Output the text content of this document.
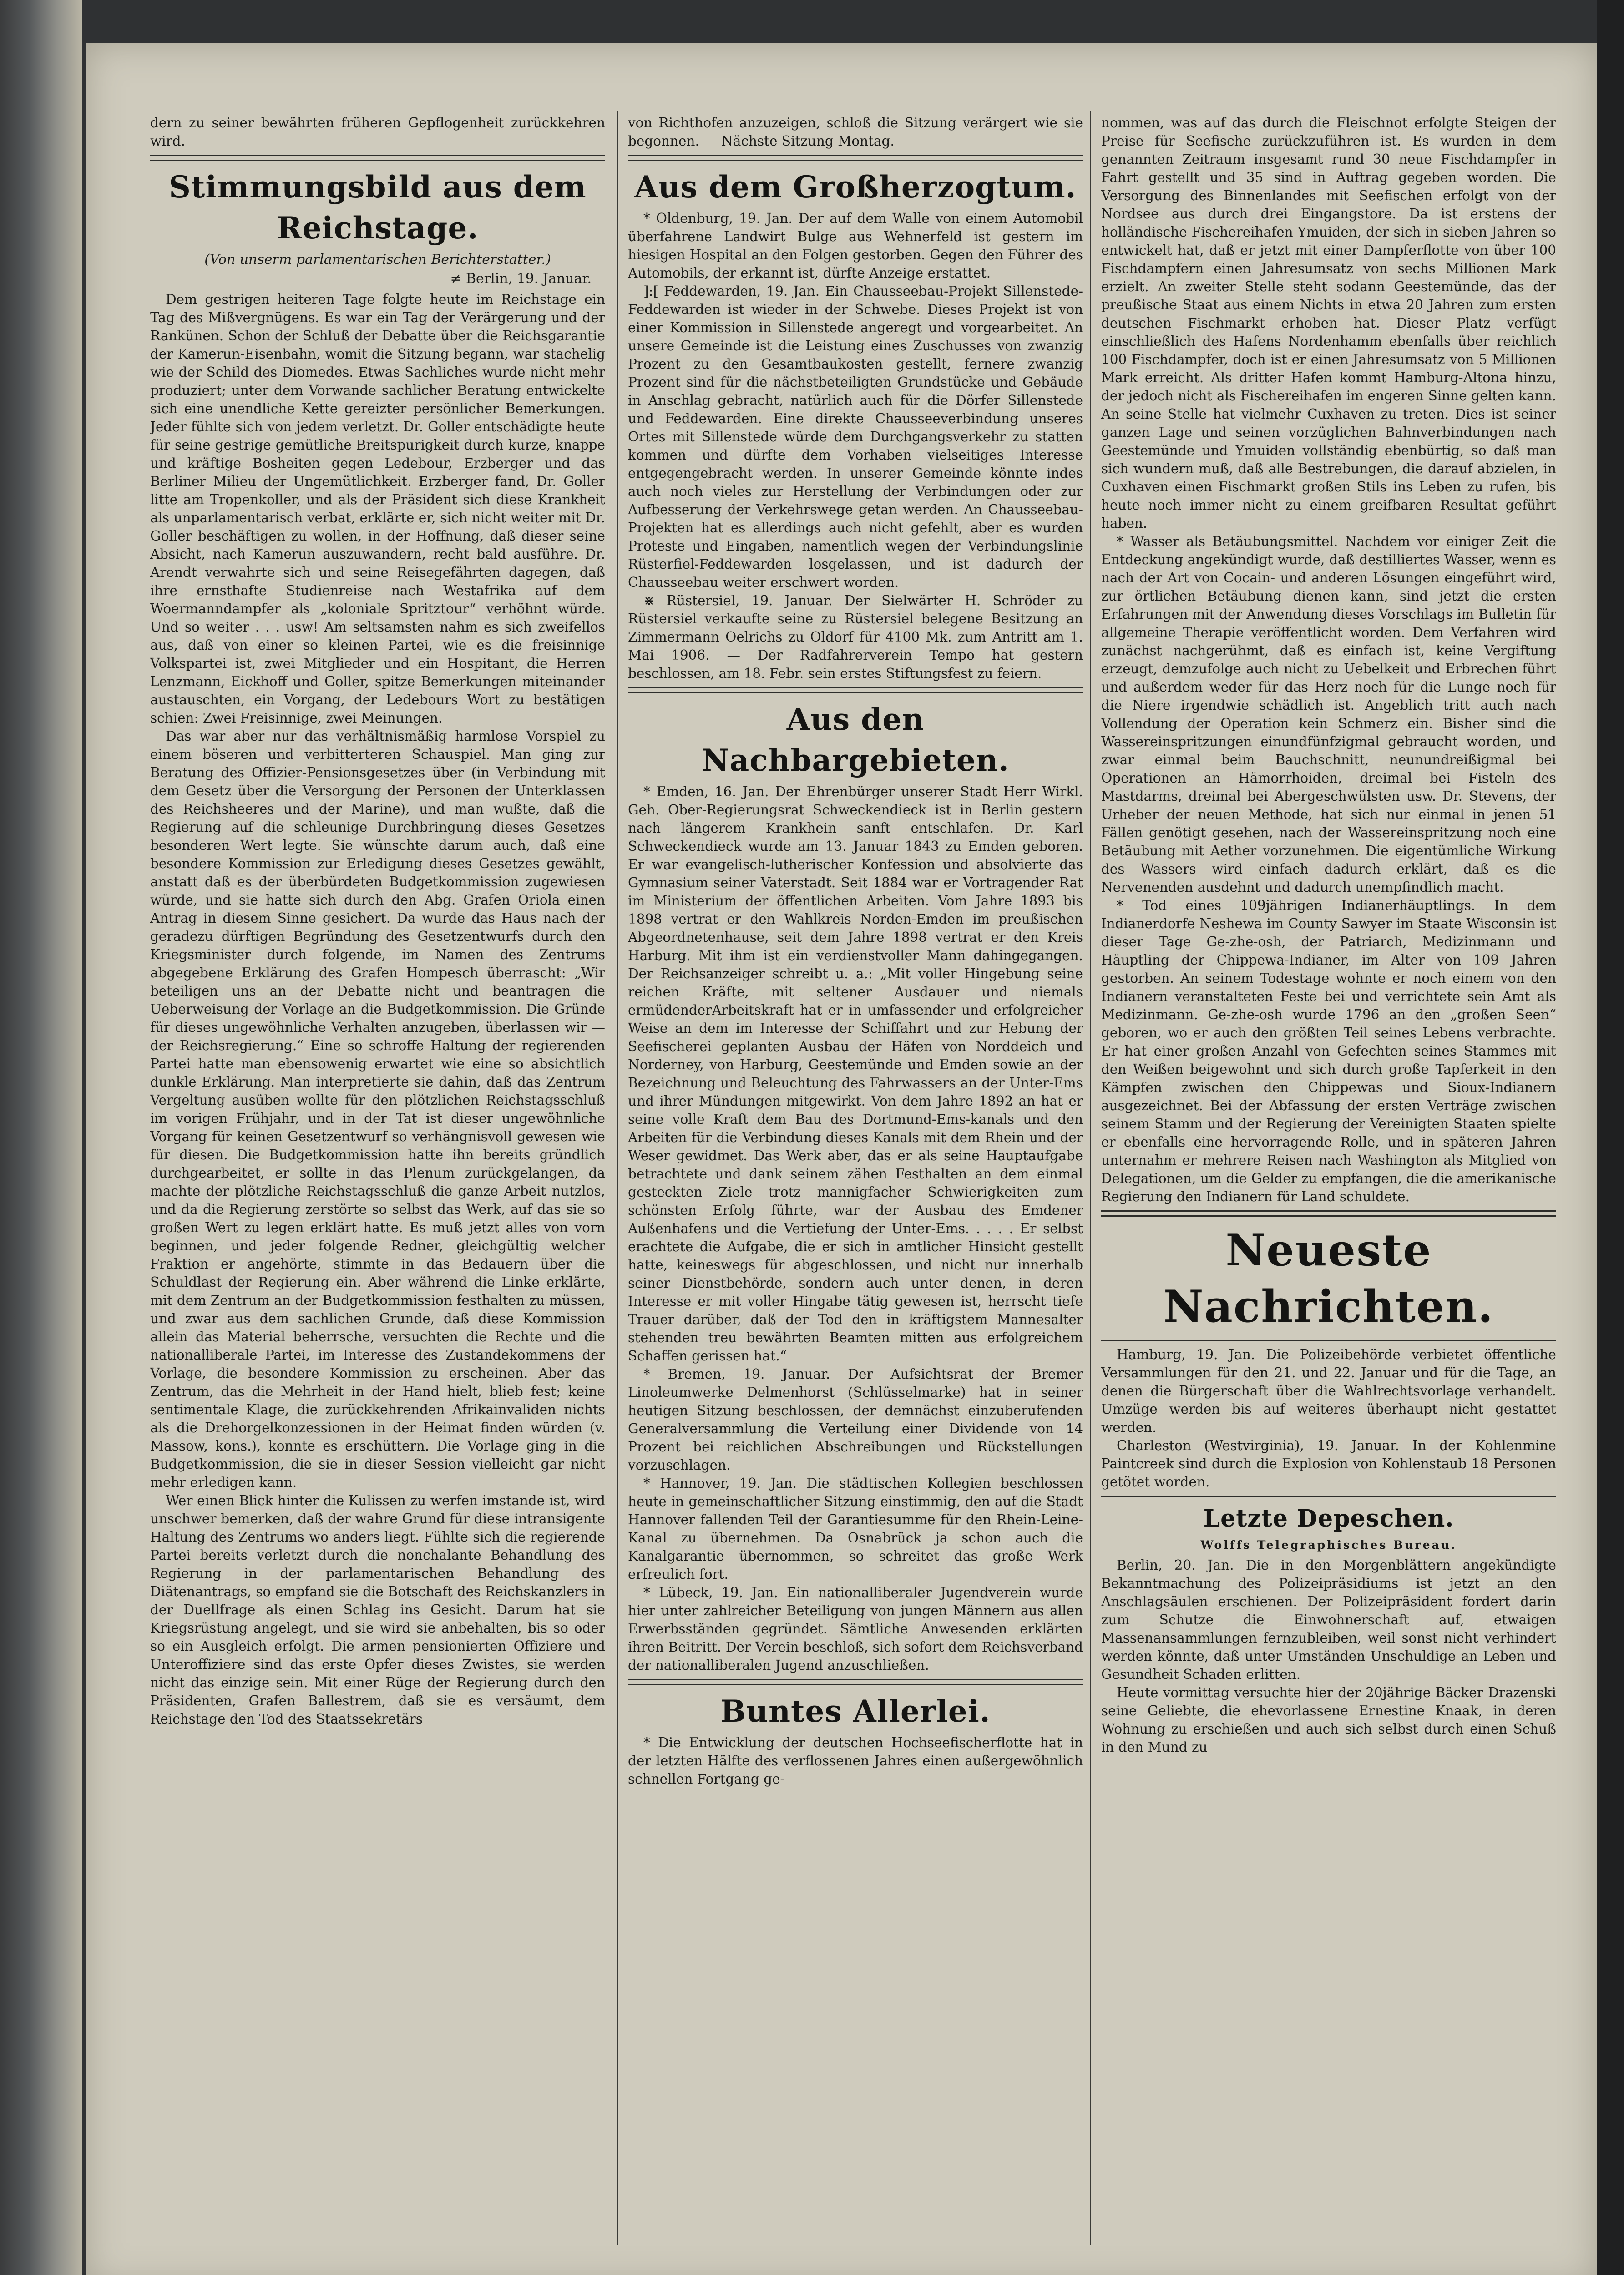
dern zu seiner bewährten früheren Gepflogenheit zurückkehren wird.

Stimmungsbild aus dem Reichstage.
(Von unserm parlamentarischen Berichterstatter.)
≠ Berlin, 19. Januar.

Dem gestrigen heiteren Tage folgte heute im Reichstage ein Tag des Mißvergnügens. Es war ein Tag der Verärgerung und der Rankünen. Schon der Schluß der Debatte über die Reichsgarantie der Kamerun-Eisenbahn, womit die Sitzung begann, war stachelig wie der Schild des Diomedes. Etwas Sachliches wurde nicht mehr produziert; unter dem Vorwande sachlicher Beratung entwickelte sich eine unendliche Kette gereizter persönlicher Bemerkungen. Jeder fühlte sich von jedem verletzt. Dr. Goller entschädigte heute für seine gestrige gemütliche Breitspurigkeit durch kurze, knappe und kräftige Bosheiten gegen Ledebour, Erzberger und das Berliner Milieu der Ungemütlichkeit. Erzberger fand, Dr. Goller litte am Tropenkoller, und als der Präsident sich diese Krankheit als unparlamentarisch verbat, erklärte er, sich nicht weiter mit Dr. Goller beschäftigen zu wollen, in der Hoffnung, daß dieser seine Absicht, nach Kamerun auszuwandern, recht bald ausführe. Dr. Arendt verwahrte sich und seine Reisegefährten dagegen, daß ihre ernsthafte Studienreise nach Westafrika auf dem Woermanndampfer als „koloniale Spritztour“ verhöhnt würde. Und so weiter . . . usw! Am seltsamsten nahm es sich zweifellos aus, daß von einer so kleinen Partei, wie es die freisinnige Volkspartei ist, zwei Mitglieder und ein Hospitant, die Herren Lenzmann, Eickhoff und Goller, spitze Bemerkungen miteinander austauschten, ein Vorgang, der Ledebours Wort zu bestätigen schien: Zwei Freisinnige, zwei Meinungen.

Das war aber nur das verhältnismäßig harmlose Vorspiel zu einem böseren und verbitterteren Schauspiel. Man ging zur Beratung des Offizier-Pensionsgesetzes über (in Verbindung mit dem Gesetz über die Versorgung der Personen der Unterklassen des Reichsheeres und der Marine), und man wußte, daß die Regierung auf die schleunige Durchbringung dieses Gesetzes besonderen Wert legte. Sie wünschte darum auch, daß eine besondere Kommission zur Erledigung dieses Gesetzes gewählt, anstatt daß es der überbürdeten Budgetkommission zugewiesen würde, und sie hatte sich durch den Abg. Grafen Oriola einen Antrag in diesem Sinne gesichert. Da wurde das Haus nach der geradezu dürftigen Begründung des Gesetzentwurfs durch den Kriegsminister durch folgende, im Namen des Zentrums abgegebene Erklärung des Grafen Hompesch überrascht: „Wir beteiligen uns an der Debatte nicht und beantragen die Ueberweisung der Vorlage an die Budgetkommission. Die Gründe für dieses ungewöhnliche Verhalten anzugeben, überlassen wir — der Reichsregierung.“ Eine so schroffe Haltung der regierenden Partei hatte man ebensowenig erwartet wie eine so absichtlich dunkle Erklärung. Man interpretierte sie dahin, daß das Zentrum Vergeltung ausüben wollte für den plötzlichen Reichstagsschluß im vorigen Frühjahr, und in der Tat ist dieser ungewöhnliche Vorgang für keinen Gesetzentwurf so verhängnisvoll gewesen wie für diesen. Die Budgetkommission hatte ihn bereits gründlich durchgearbeitet, er sollte in das Plenum zurückgelangen, da machte der plötzliche Reichstagsschluß die ganze Arbeit nutzlos, und da die Regierung zerstörte so selbst das Werk, auf das sie so großen Wert zu legen erklärt hatte. Es muß jetzt alles von vorn beginnen, und jeder folgende Redner, gleichgültig welcher Fraktion er angehörte, stimmte in das Bedauern über die Schuldlast der Regierung ein. Aber während die Linke erklärte, mit dem Zentrum an der Budgetkommission festhalten zu müssen, und zwar aus dem sachlichen Grunde, daß diese Kommission allein das Material beherrsche, versuchten die Rechte und die nationalliberale Partei, im Interesse des Zustandekommens der Vorlage, die besondere Kommission zu erscheinen. Aber das Zentrum, das die Mehrheit in der Hand hielt, blieb fest; keine sentimentale Klage, die zurückkehrenden Afrikainvaliden nichts als die Drehorgelkonzessionen in der Heimat finden würden (v. Massow, kons.), konnte es erschüttern. Die Vorlage ging in die Budgetkommission, die sie in dieser Session vielleicht gar nicht mehr erledigen kann.

Wer einen Blick hinter die Kulissen zu werfen imstande ist, wird unschwer bemerken, daß der wahre Grund für diese intransigente Haltung des Zentrums wo anders liegt. Fühlte sich die regierende Partei bereits verletzt durch die nonchalante Behandlung des Regierung in der parlamentarischen Behandlung des Diätenantrags, so empfand sie die Botschaft des Reichskanzlers in der Duellfrage als einen Schlag ins Gesicht. Darum hat sie Kriegsrüstung angelegt, und sie wird sie anbehalten, bis so oder so ein Ausgleich erfolgt. Die armen pensionierten Offiziere und Unteroffiziere sind das erste Opfer dieses Zwistes, sie werden nicht das einzige sein. Mit einer Rüge der Regierung durch den Präsidenten, Grafen Ballestrem, daß sie es versäumt, dem Reichstage den Tod des Staatssekretärs

von Richthofen anzuzeigen, schloß die Sitzung verärgert wie sie begonnen. — Nächste Sitzung Montag.

Aus dem Großherzogtum.

* Oldenburg, 19. Jan. Der auf dem Walle von einem Automobil überfahrene Landwirt Bulge aus Wehnerfeld ist gestern im hiesigen Hospital an den Folgen gestorben. Gegen den Führer des Automobils, der erkannt ist, dürfte Anzeige erstattet.

]:[ Feddewarden, 19. Jan. Ein Chausseebau-Projekt Sillenstede-Feddewarden ist wieder in der Schwebe. Dieses Projekt ist von einer Kommission in Sillenstede angeregt und vorgearbeitet. An unsere Gemeinde ist die Leistung eines Zuschusses von zwanzig Prozent zu den Gesamtbaukosten gestellt, fernere zwanzig Prozent sind für die nächstbeteiligten Grundstücke und Gebäude in Anschlag gebracht, natürlich auch für die Dörfer Sillenstede und Feddewarden. Eine direkte Chausseeverbindung unseres Ortes mit Sillenstede würde dem Durchgangsverkehr zu statten kommen und dürfte dem Vorhaben vielseitiges Interesse entgegengebracht werden. In unserer Gemeinde könnte indes auch noch vieles zur Herstellung der Verbindungen oder zur Aufbesserung der Verkehrswege getan werden. An Chausseebau-Projekten hat es allerdings auch nicht gefehlt, aber es wurden Proteste und Eingaben, namentlich wegen der Verbindungslinie Rüsterfiel-Feddewarden losgelassen, und ist dadurch der Chausseebau weiter erschwert worden.

⋇ Rüstersiel, 19. Januar. Der Sielwärter H. Schröder zu Rüstersiel verkaufte seine zu Rüstersiel belegene Besitzung an Zimmermann Oelrichs zu Oldorf für 4100 Mk. zum Antritt am 1. Mai 1906. — Der Radfahrerverein Tempo hat gestern beschlossen, am 18. Febr. sein erstes Stiftungsfest zu feiern.

Aus den Nachbargebieten.

* Emden, 16. Jan. Der Ehrenbürger unserer Stadt Herr Wirkl. Geh. Ober-Regierungsrat Schweckendieck ist in Berlin gestern nach längerem Krankhein sanft entschlafen. Dr. Karl Schweckendieck wurde am 13. Januar 1843 zu Emden geboren. Er war evangelisch-lutherischer Konfession und absolvierte das Gymnasium seiner Vaterstadt. Seit 1884 war er Vortragender Rat im Ministerium der öffentlichen Arbeiten. Vom Jahre 1893 bis 1898 vertrat er den Wahlkreis Norden-Emden im preußischen Abgeordnetenhause, seit dem Jahre 1898 vertrat er den Kreis Harburg. Mit ihm ist ein verdienstvoller Mann dahingegangen. Der Reichsanzeiger schreibt u. a.: „Mit voller Hingebung seine reichen Kräfte, mit seltener Ausdauer und niemals ermüdenderArbeitskraft hat er in umfassender und erfolgreicher Weise an dem im Interesse der Schiffahrt und zur Hebung der Seefischerei geplanten Ausbau der Häfen von Norddeich und Norderney, von Harburg, Geestemünde und Emden sowie an der Bezeichnung und Beleuchtung des Fahrwassers an der Unter-Ems und ihrer Mündungen mitgewirkt. Von dem Jahre 1892 an hat er seine volle Kraft dem Bau des Dortmund-Ems-kanals und den Arbeiten für die Verbindung dieses Kanals mit dem Rhein und der Weser gewidmet. Das Werk aber, das er als seine Hauptaufgabe betrachtete und dank seinem zähen Festhalten an dem einmal gesteckten Ziele trotz mannigfacher Schwierigkeiten zum schönsten Erfolg führte, war der Ausbau des Emdener Außenhafens und die Vertiefung der Unter-Ems. . . . . Er selbst erachtete die Aufgabe, die er sich in amtlicher Hinsicht gestellt hatte, keineswegs für abgeschlossen, und nicht nur innerhalb seiner Dienstbehörde, sondern auch unter denen, in deren Interesse er mit voller Hingabe tätig gewesen ist, herrscht tiefe Trauer darüber, daß der Tod den in kräftigstem Mannesalter stehenden treu bewährten Beamten mitten aus erfolgreichem Schaffen gerissen hat.“

* Bremen, 19. Januar. Der Aufsichtsrat der Bremer Linoleumwerke Delmenhorst (Schlüsselmarke) hat in seiner heutigen Sitzung beschlossen, der demnächst einzuberufenden Generalversammlung die Verteilung einer Dividende von 14 Prozent bei reichlichen Abschreibungen und Rückstellungen vorzuschlagen.

* Hannover, 19. Jan. Die städtischen Kollegien beschlossen heute in gemeinschaftlicher Sitzung einstimmig, den auf die Stadt Hannover fallenden Teil der Garantiesumme für den Rhein-Leine-Kanal zu übernehmen. Da Osnabrück ja schon auch die Kanalgarantie übernommen, so schreitet das große Werk erfreulich fort.

* Lübeck, 19. Jan. Ein nationalliberaler Jugendverein wurde hier unter zahlreicher Beteiligung von jungen Männern aus allen Erwerbsständen gegründet. Sämtliche Anwesenden erklärten ihren Beitritt. Der Verein beschloß, sich sofort dem Reichsverband der nationalliberalen Jugend anzuschließen.

Buntes Allerlei.

* Die Entwicklung der deutschen Hochseefischerflotte hat in der letzten Hälfte des verflossenen Jahres einen außergewöhnlich schnellen Fortgang ge-

nommen, was auf das durch die Fleischnot erfolgte Steigen der Preise für Seefische zurückzuführen ist. Es wurden in dem genannten Zeitraum insgesamt rund 30 neue Fischdampfer in Fahrt gestellt und 35 sind in Auftrag gegeben worden. Die Versorgung des Binnenlandes mit Seefischen erfolgt von der Nordsee aus durch drei Eingangstore. Da ist erstens der holländische Fischereihafen Ymuiden, der sich in sieben Jahren so entwickelt hat, daß er jetzt mit einer Dampferflotte von über 100 Fischdampfern einen Jahresumsatz von sechs Millionen Mark erzielt. An zweiter Stelle steht sodann Geestemünde, das der preußische Staat aus einem Nichts in etwa 20 Jahren zum ersten deutschen Fischmarkt erhoben hat. Dieser Platz verfügt einschließlich des Hafens Nordenhamm ebenfalls über reichlich 100 Fischdampfer, doch ist er einen Jahresumsatz von 5 Millionen Mark erreicht. Als dritter Hafen kommt Hamburg-Altona hinzu, der jedoch nicht als Fischereihafen im engeren Sinne gelten kann. An seine Stelle hat vielmehr Cuxhaven zu treten. Dies ist seiner ganzen Lage und seinen vorzüglichen Bahnverbindungen nach Geestemünde und Ymuiden vollständig ebenbürtig, so daß man sich wundern muß, daß alle Bestrebungen, die darauf abzielen, in Cuxhaven einen Fischmarkt großen Stils ins Leben zu rufen, bis heute noch immer nicht zu einem greifbaren Resultat geführt haben.

* Wasser als Betäubungsmittel. Nachdem vor einiger Zeit die Entdeckung angekündigt wurde, daß destilliertes Wasser, wenn es nach der Art von Cocain- und anderen Lösungen eingeführt wird, zur örtlichen Betäubung dienen kann, sind jetzt die ersten Erfahrungen mit der Anwendung dieses Vorschlags im Bulletin für allgemeine Therapie veröffentlicht worden. Dem Verfahren wird zunächst nachgerühmt, daß es einfach ist, keine Vergiftung erzeugt, demzufolge auch nicht zu Uebelkeit und Erbrechen führt und außerdem weder für das Herz noch für die Lunge noch für die Niere irgendwie schädlich ist. Angeblich tritt auch nach Vollendung der Operation kein Schmerz ein. Bisher sind die Wassereinspritzungen einundfünfzigmal gebraucht worden, und zwar einmal beim Bauchschnitt, neunundreißigmal bei Operationen an Hämorrhoiden, dreimal bei Fisteln des Mastdarms, dreimal bei Abergeschwülsten usw. Dr. Stevens, der Urheber der neuen Methode, hat sich nur einmal in jenen 51 Fällen genötigt gesehen, nach der Wassereinspritzung noch eine Betäubung mit Aether vorzunehmen. Die eigentümliche Wirkung des Wassers wird einfach dadurch erklärt, daß es die Nervenenden ausdehnt und dadurch unempfindlich macht.

* Tod eines 109jährigen Indianerhäuptlings. In dem Indianerdorfe Neshewa im County Sawyer im Staate Wisconsin ist dieser Tage Ge-zhe-osh, der Patriarch, Medizinmann und Häuptling der Chippewa-Indianer, im Alter von 109 Jahren gestorben. An seinem Todestage wohnte er noch einem von den Indianern veranstalteten Feste bei und verrichtete sein Amt als Medizinmann. Ge-zhe-osh wurde 1796 an den „großen Seen“ geboren, wo er auch den größten Teil seines Lebens verbrachte. Er hat einer großen Anzahl von Gefechten seines Stammes mit den Weißen beigewohnt und sich durch große Tapferkeit in den Kämpfen zwischen den Chippewas und Sioux-Indianern ausgezeichnet. Bei der Abfassung der ersten Verträge zwischen seinem Stamm und der Regierung der Vereinigten Staaten spielte er ebenfalls eine hervorragende Rolle, und in späteren Jahren unternahm er mehrere Reisen nach Washington als Mitglied von Delegationen, um die Gelder zu empfangen, die die amerikanische Regierung den Indianern für Land schuldete.

Neueste Nachrichten.

Hamburg, 19. Jan. Die Polizeibehörde verbietet öffentliche Versammlungen für den 21. und 22. Januar und für die Tage, an denen die Bürgerschaft über die Wahlrechtsvorlage verhandelt. Umzüge werden bis auf weiteres überhaupt nicht gestattet werden.

Charleston (Westvirginia), 19. Januar. In der Kohlenmine Paintcreek sind durch die Explosion von Kohlenstaub 18 Personen getötet worden.

Letzte Depeschen.
Wolffs Telegraphisches Bureau.

Berlin, 20. Jan. Die in den Morgenblättern angekündigte Bekanntmachung des Polizeipräsidiums ist jetzt an den Anschlagsäulen erschienen. Der Polizeipräsident fordert darin zum Schutze die Einwohnerschaft auf, etwaigen Massenansammlungen fernzubleiben, weil sonst nicht verhindert werden könnte, daß unter Umständen Unschuldige an Leben und Gesundheit Schaden erlitten.

Heute vormittag versuchte hier der 20jährige Bäcker Drazenski seine Geliebte, die ehevorlassene Ernestine Knaak, in deren Wohnung zu erschießen und auch sich selbst durch einen Schuß in den Mund zu
